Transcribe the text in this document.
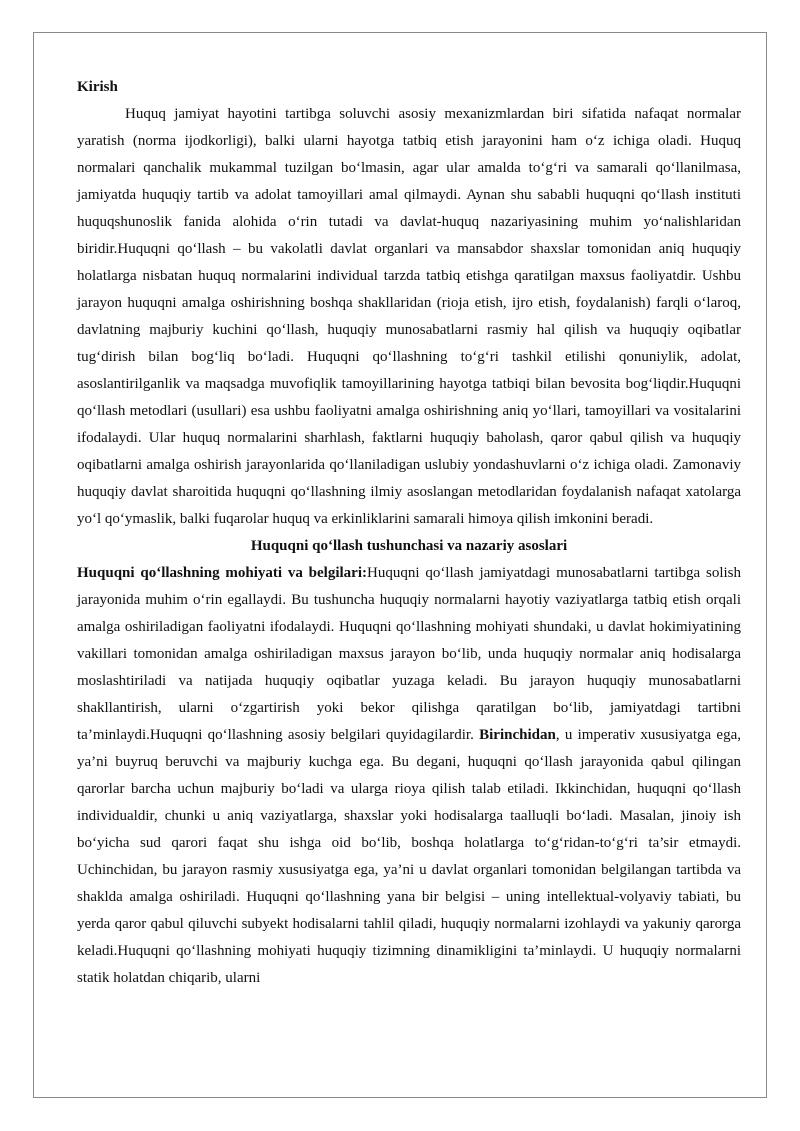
Kirish

Huquq jamiyat hayotini tartibga soluvchi asosiy mexanizmlardan biri sifatida nafaqat normalar yaratish (norma ijodkorligi), balki ularni hayotga tatbiq etish jarayonini ham o‘z ichiga oladi. Huquq normalari qanchalik mukammal tuzilgan bo‘lmasin, agar ular amalda to‘g‘ri va samarali qo‘llanilmasa, jamiyatda huquqiy tartib va adolat tamoyillari amal qilmaydi. Aynan shu sababli huquqni qo‘llash instituti huquqshunoslik fanida alohida o‘rin tutadi va davlat-huquq nazariyasining muhim yo‘nalishlaridan biridir.Huquqni qo‘llash – bu vakolatli davlat organlari va mansabdor shaxslar tomonidan aniq huquqiy holatlarga nisbatan huquq normalarini individual tarzda tatbiq etishga qaratilgan maxsus faoliyatdir. Ushbu jarayon huquqni amalga oshirishning boshqa shakllaridan (rioja etish, ijro etish, foydalanish) farqli o‘laroq, davlatning majburiy kuchini qo‘llash, huquqiy munosabatlarni rasmiy hal qilish va huquqiy oqibatlar tug‘dirish bilan bog‘liq bo‘ladi. Huquqni qo‘llashning to‘g‘ri tashkil etilishi qonuniylik, adolat, asoslantirilganlik va maqsadga muvofiqlik tamoyillarining hayotga tatbiqi bilan bevosita bog‘liqdir.Huquqni qo‘llash metodlari (usullari) esa ushbu faoliyatni amalga oshirishning aniq yo‘llari, tamoyillari va vositalarini ifodalaydi. Ular huquq normalarini sharhlash, faktlarni huquqiy baholash, qaror qabul qilish va huquqiy oqibatlarni amalga oshirish jarayonlarida qo‘llaniladigan uslubiy yondashuvlarni o‘z ichiga oladi. Zamonaviy huquqiy davlat sharoitida huquqni qo‘llashning ilmiy asoslangan metodlaridan foydalanish nafaqat xatolarga yo‘l qo‘ymaslik, balki fuqarolar huquq va erkinliklarini samarali himoya qilish imkonini beradi.

Huquqni qo‘llash tushunchasi va nazariy asoslari

Huquqni qo‘llashning mohiyati va belgilari:Huquqni qo‘llash jamiyatdagi munosabatlarni tartibga solish jarayonida muhim o‘rin egallaydi. Bu tushuncha huquqiy normalarni hayotiy vaziyatlarga tatbiq etish orqali amalga oshiriladigan faoliyatni ifodalaydi. Huquqni qo‘llashning mohiyati shundaki, u davlat hokimiyatining vakillari tomonidan amalga oshiriladigan maxsus jarayon bo‘lib, unda huquqiy normalar aniq hodisalarga moslashtiriladi va natijada huquqiy oqibatlar yuzaga keladi. Bu jarayon huquqiy munosabatlarni shakllantirish, ularni o‘zgartirish yoki bekor qilishga qaratilgan bo‘lib, jamiyatdagi tartibni ta’minlaydi.Huquqni qo‘llashning asosiy belgilari quyidagilardir. Birinchidan, u imperativ xususiyatga ega, ya’ni buyruq beruvchi va majburiy kuchga ega. Bu degani, huquqni qo‘llash jarayonida qabul qilingan qarorlar barcha uchun majburiy bo‘ladi va ularga rioya qilish talab etiladi. Ikkinchidan, huquqni qo‘llash individualdir, chunki u aniq vaziyatlarga, shaxslar yoki hodisalarga taalluqli bo‘ladi. Masalan, jinoiy ish bo‘yicha sud qarori faqat shu ishga oid bo‘lib, boshqa holatlarga to‘g‘ridan-to‘g‘ri ta’sir etmaydi. Uchinchidan, bu jarayon rasmiy xususiyatga ega, ya’ni u davlat organlari tomonidan belgilangan tartibda va shaklda amalga oshiriladi. Huquqni qo‘llashning yana bir belgisi – uning intellektual-volyaviy tabiati, bu yerda qaror qabul qiluvchi subyekt hodisalarni tahlil qiladi, huquqiy normalarni izohlaydi va yakuniy qarorga keladi.Huquqni qo‘llashning mohiyati huquqiy tizimning dinamikligini ta’minlaydi. U huquqiy normalarni statik holatdan chiqarib, ularni
